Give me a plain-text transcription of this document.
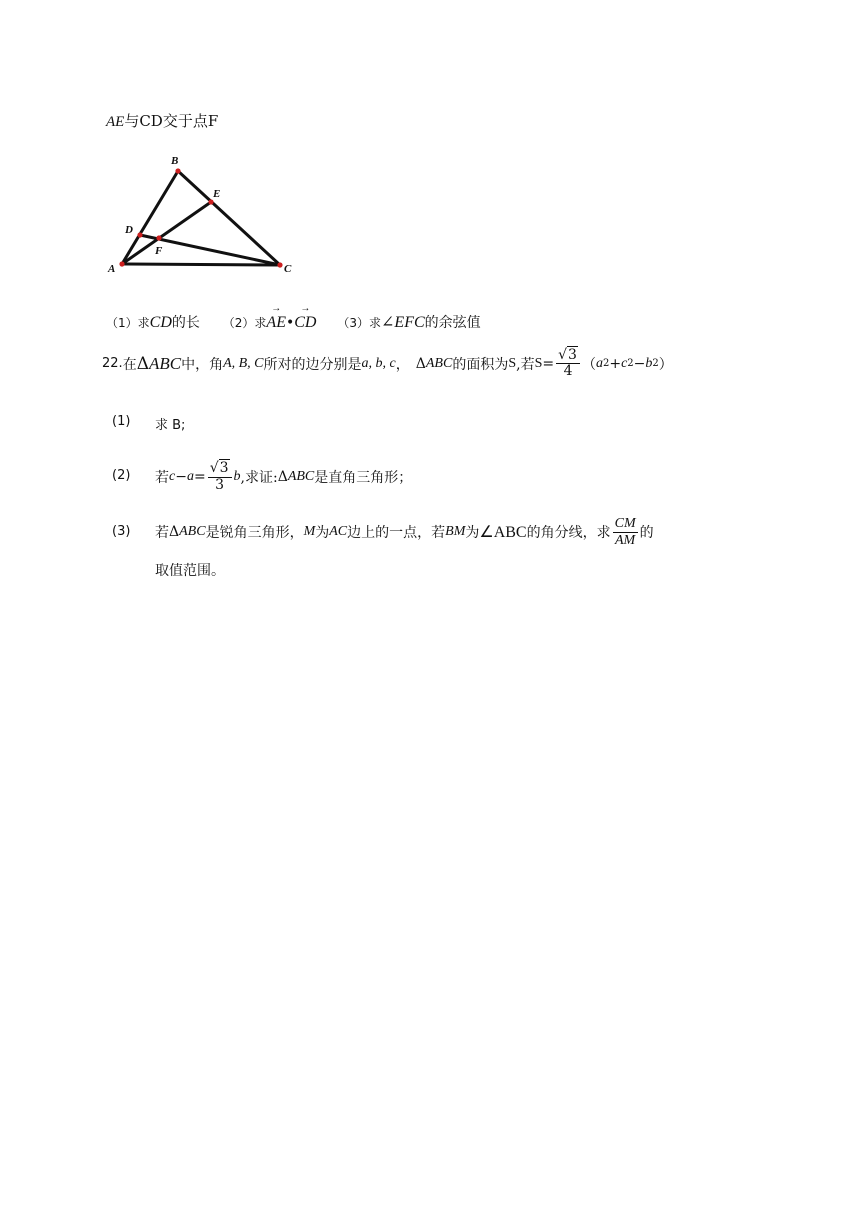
AE与CD交于点F
A
B
C
D
E
F
（1）求CD的长 （2）求→ AE•→ CD （3）求∠EFC的余弦值
22. 在 Δ ABC 中，角 A, B, C 所对的边分别是 a, b, c ， Δ ABC 的面积为 S ,若 $S = \frac{√3}{4}$ （ a 2 + c 2 − b 2 ）
(1) 求 B;
(2) 若 $c - a = \frac{√3}{3}$ b ,求证: Δ ABC 是直角三角形；
(3) 若 Δ ABC 是锐角三角形， M 为 AC 边上的一点，若 BM 为 ∠ABC 的角分线，求 $\frac{CM}{AM}$ 的
取值范围。
